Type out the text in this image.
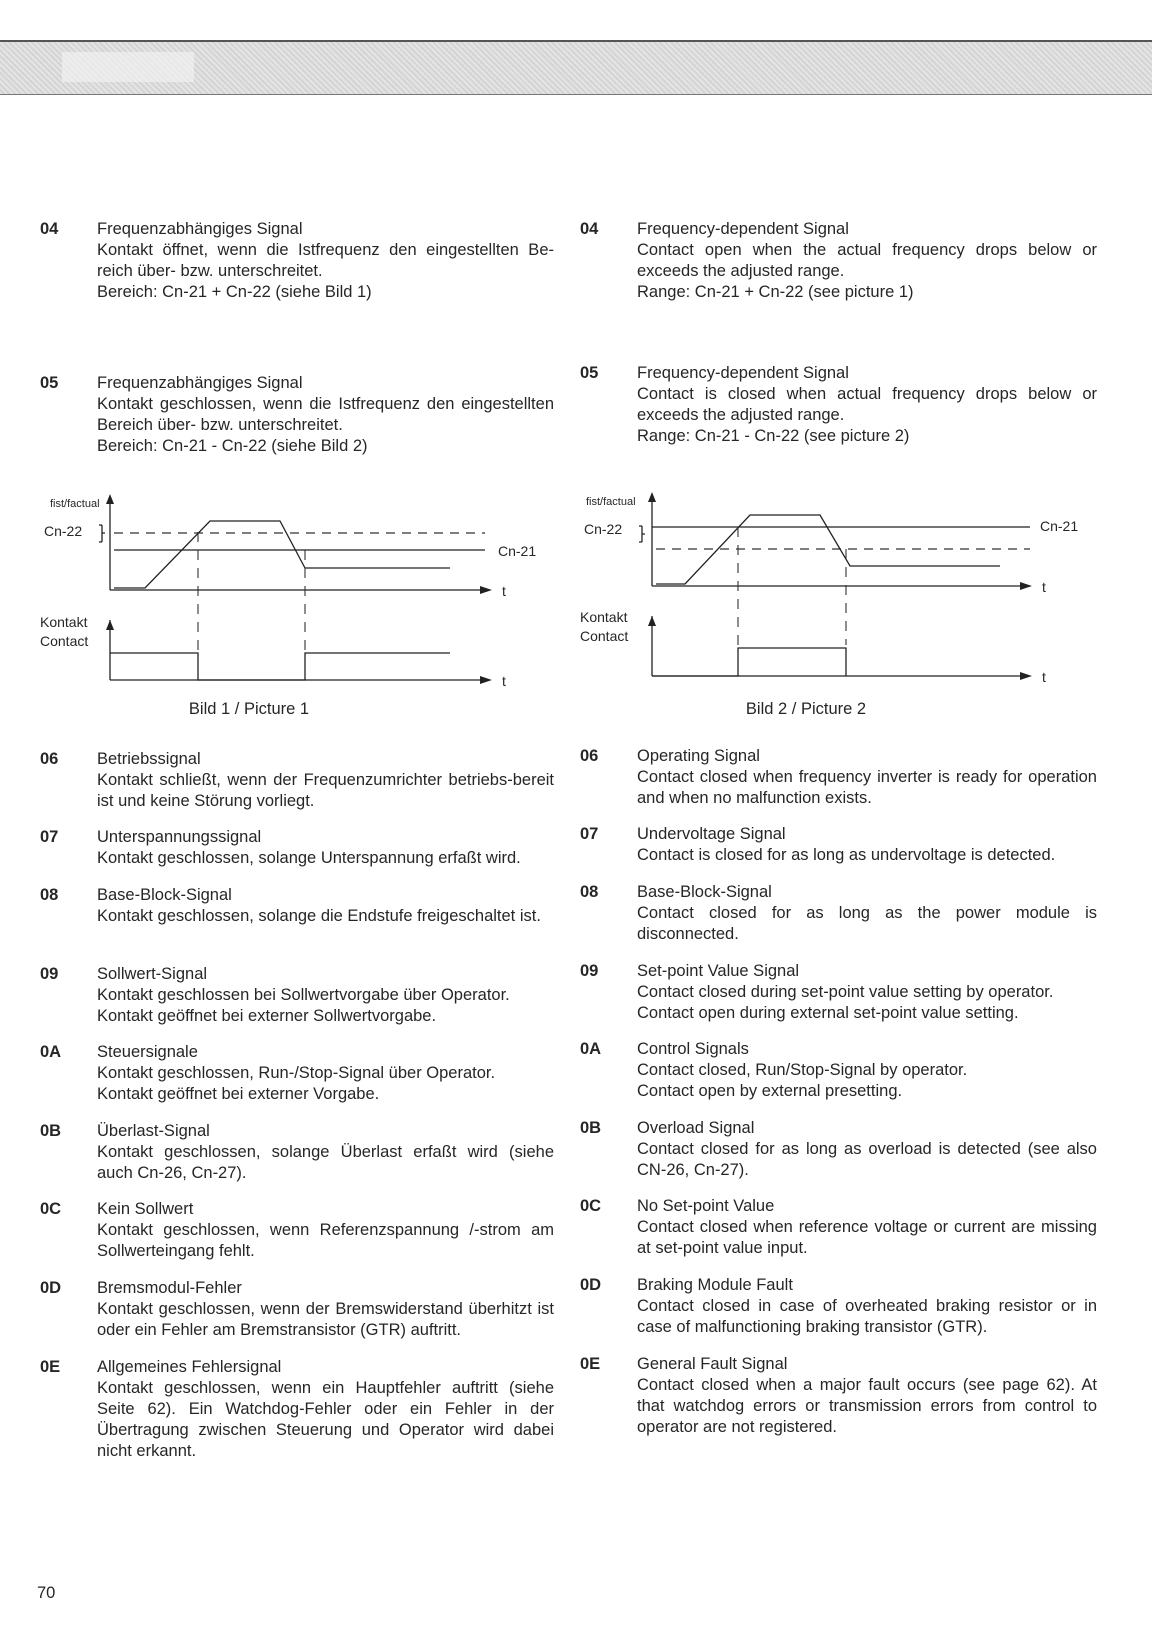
04 Frequenzabhängiges Signal
Kontakt öffnet, wenn die Istfrequenz den eingestellten Be-reich über- bzw. unterschreitet.
Bereich: Cn-21 + Cn-22 (siehe Bild 1)
05 Frequenzabhängiges Signal
Kontakt geschlossen, wenn die Istfrequenz den eingestellten Bereich über- bzw. unterschreitet.
Bereich: Cn-21 - Cn-22 (siehe Bild 2)
06 Betriebssignal
Kontakt schließt, wenn der Frequenzumrichter betriebs-bereit ist und keine Störung vorliegt.
07 Unterspannungssignal
Kontakt geschlossen, solange Unterspannung erfaßt wird.
08 Base-Block-Signal
Kontakt geschlossen, solange die Endstufe freigeschaltet ist.
09 Sollwert-Signal
Kontakt geschlossen bei Sollwertvorgabe über Operator.
Kontakt geöffnet bei externer Sollwertvorgabe.
0A Steuersignale
Kontakt geschlossen, Run-/Stop-Signal über Operator.
Kontakt geöffnet bei externer Vorgabe.
0B Überlast-Signal
Kontakt geschlossen, solange Überlast erfaßt wird (siehe auch Cn-26, Cn-27).
0C Kein Sollwert
Kontakt geschlossen, wenn Referenzspannung /-strom am Sollwerteingang fehlt.
0D Bremsmodul-Fehler
Kontakt geschlossen, wenn der Bremswiderstand überhitzt ist oder ein Fehler am Bremstransistor (GTR) auftritt.
0E Allgemeines Fehlersignal
Kontakt geschlossen, wenn ein Hauptfehler auftritt (siehe Seite 62). Ein Watchdog-Fehler oder ein Fehler in der Übertragung zwischen Steuerung und Operator wird dabei nicht erkannt.
04 Frequency-dependent Signal
Contact open when the actual frequency drops below or exceeds the adjusted range.
Range: Cn-21 + Cn-22 (see picture 1)
05 Frequency-dependent Signal
Contact is closed when actual frequency drops below or exceeds the adjusted range.
Range: Cn-21 - Cn-22 (see picture 2)
06 Operating Signal
Contact closed when frequency inverter is ready for operation and when no malfunction exists.
07 Undervoltage Signal
Contact is closed for as long as undervoltage is detected.
08 Base-Block-Signal
Contact closed for as long as the power module is disconnected.
09 Set-point Value Signal
Contact closed during set-point value setting by operator.
Contact open during external set-point value setting.
0A Control Signals
Contact closed, Run/Stop-Signal by operator.
Contact open by external presetting.
0B Overload Signal
Contact closed for as long as overload is detected (see also CN-26, Cn-27).
0C No Set-point Value
Contact closed when reference voltage or current are missing at set-point value input.
0D Braking Module Fault
Contact closed in case of overheated braking resistor or in case of malfunctioning braking transistor (GTR).
0E General Fault Signal
Contact closed when a major fault occurs (see page 62). At that watchdog errors or transmission errors from control to operator are not registered.
fist/factual
Cn-22
t
Cn-21
Kontakt
Contact
t
Bild 1 / Picture 1
fist/factual
Cn-22
t
Cn-21
Kontakt
Contact
t
Bild 2 / Picture 2
70
